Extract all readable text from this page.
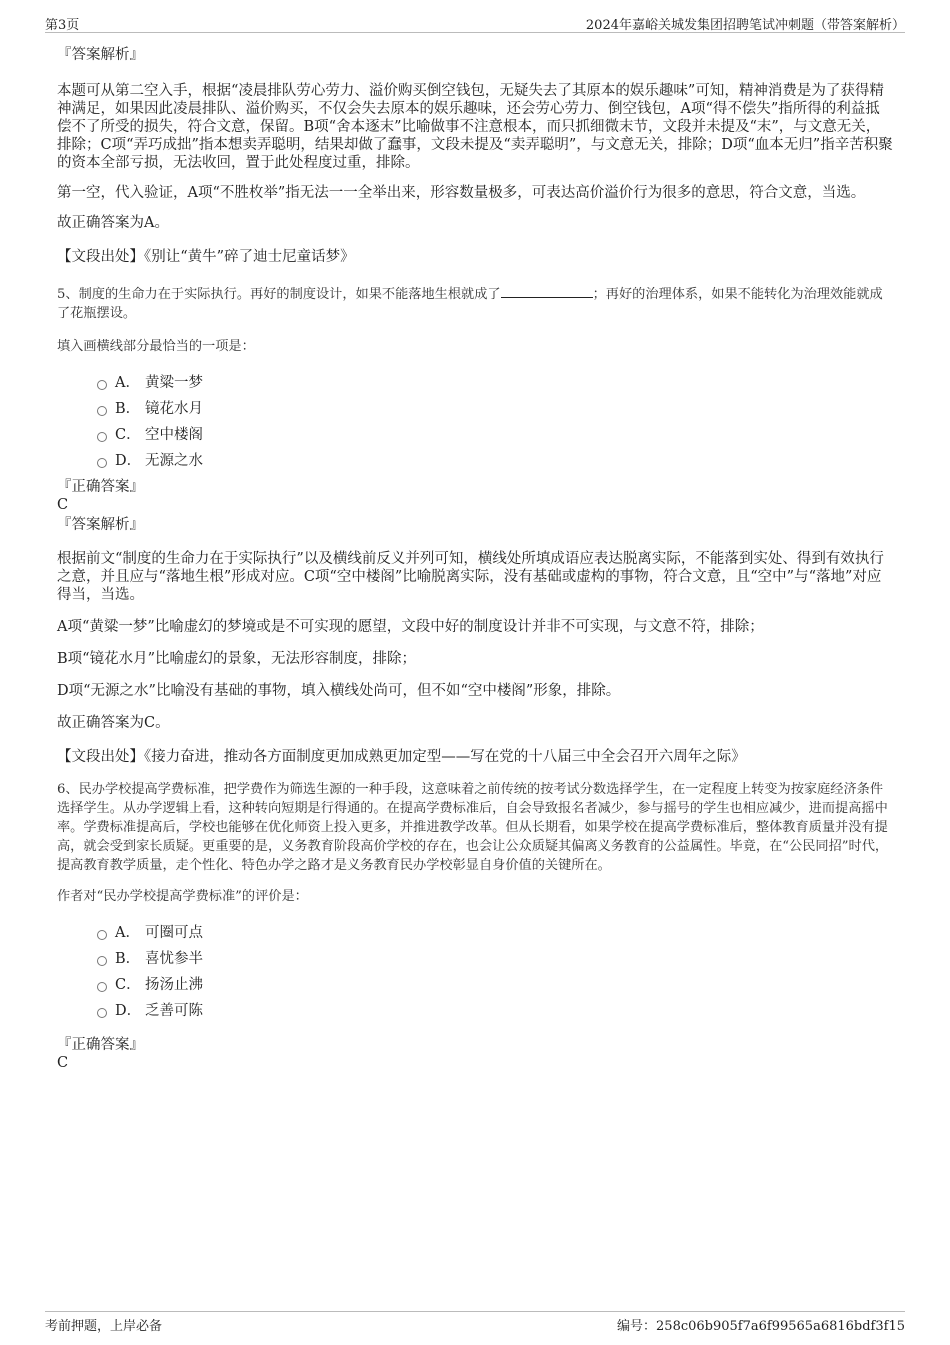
第3页	2024年嘉峪关城发集团招聘笔试冲刺题（带答案解析）

『答案解析』

本题可从第二空入手，根据“凌晨排队劳心劳力、溢价购买倒空钱包，无疑失去了其原本的娱乐趣味”可知，精神消费是为了获得精神满足，如果因此凌晨排队、溢价购买，不仅会失去原本的娱乐趣味，还会劳心劳力、倒空钱包，A项“得不偿失”指所得的利益抵偿不了所受的损失，符合文意，保留。B项“舍本逐末”比喻做事不注意根本，而只抓细微末节，文段并未提及“末”，与文意无关，排除；C项“弄巧成拙”指本想卖弄聪明，结果却做了蠢事，文段未提及“卖弄聪明”，与文意无关，排除；D项“血本无归”指辛苦积聚的资本全部亏损，无法收回，置于此处程度过重，排除。

第一空，代入验证，A项“不胜枚举”指无法一一全举出来，形容数量极多，可表达高价溢价行为很多的意思，符合文意，当选。

故正确答案为A。

【文段出处】《别让“黄牛”碎了迪士尼童话梦》

5、制度的生命力在于实际执行。再好的制度设计，如果不能落地生根就成了	；再好的治理体系，如果不能转化为治理效能就成了花瓶摆设。

填入画横线部分最恰当的一项是：

A． 黄粱一梦
B． 镜花水月
C． 空中楼阁
D． 无源之水

『正确答案』

C

『答案解析』

根据前文“制度的生命力在于实际执行”以及横线前反义并列可知，横线处所填成语应表达脱离实际，不能落到实处、得到有效执行之意，并且应与“落地生根”形成对应。C项“空中楼阁”比喻脱离实际，没有基础或虚构的事物，符合文意，且“空中”与“落地”对应得当，当选。

A项“黄粱一梦”比喻虚幻的梦境或是不可实现的愿望，文段中好的制度设计并非不可实现，与文意不符，排除；

B项“镜花水月”比喻虚幻的景象，无法形容制度，排除；

D项“无源之水”比喻没有基础的事物，填入横线处尚可，但不如“空中楼阁”形象，排除。

故正确答案为C。

【文段出处】《接力奋进，推动各方面制度更加成熟更加定型——写在党的十八届三中全会召开六周年之际》

6、民办学校提高学费标准，把学费作为筛选生源的一种手段，这意味着之前传统的按考试分数选择学生，在一定程度上转变为按家庭经济条件选择学生。从办学逻辑上看，这种转向短期是行得通的。在提高学费标准后，自会导致报名者减少，参与摇号的学生也相应减少，进而提高摇中率。学费标准提高后，学校也能够在优化师资上投入更多，并推进教学改革。但从长期看，如果学校在提高学费标准后，整体教育质量并没有提高，就会受到家长质疑。更重要的是，义务教育阶段高价学校的存在，也会让公众质疑其偏离义务教育的公益属性。毕竟，在“公民同招”时代，提高教育教学质量，走个性化、特色办学之路才是义务教育民办学校彰显自身价值的关键所在。

作者对“民办学校提高学费标准”的评价是：

A． 可圈可点
B． 喜忧参半
C． 扬汤止沸
D． 乏善可陈

『正确答案』

C

考前押题，上岸必备	编号：258c06b905f7a6f99565a6816bdf3f15
